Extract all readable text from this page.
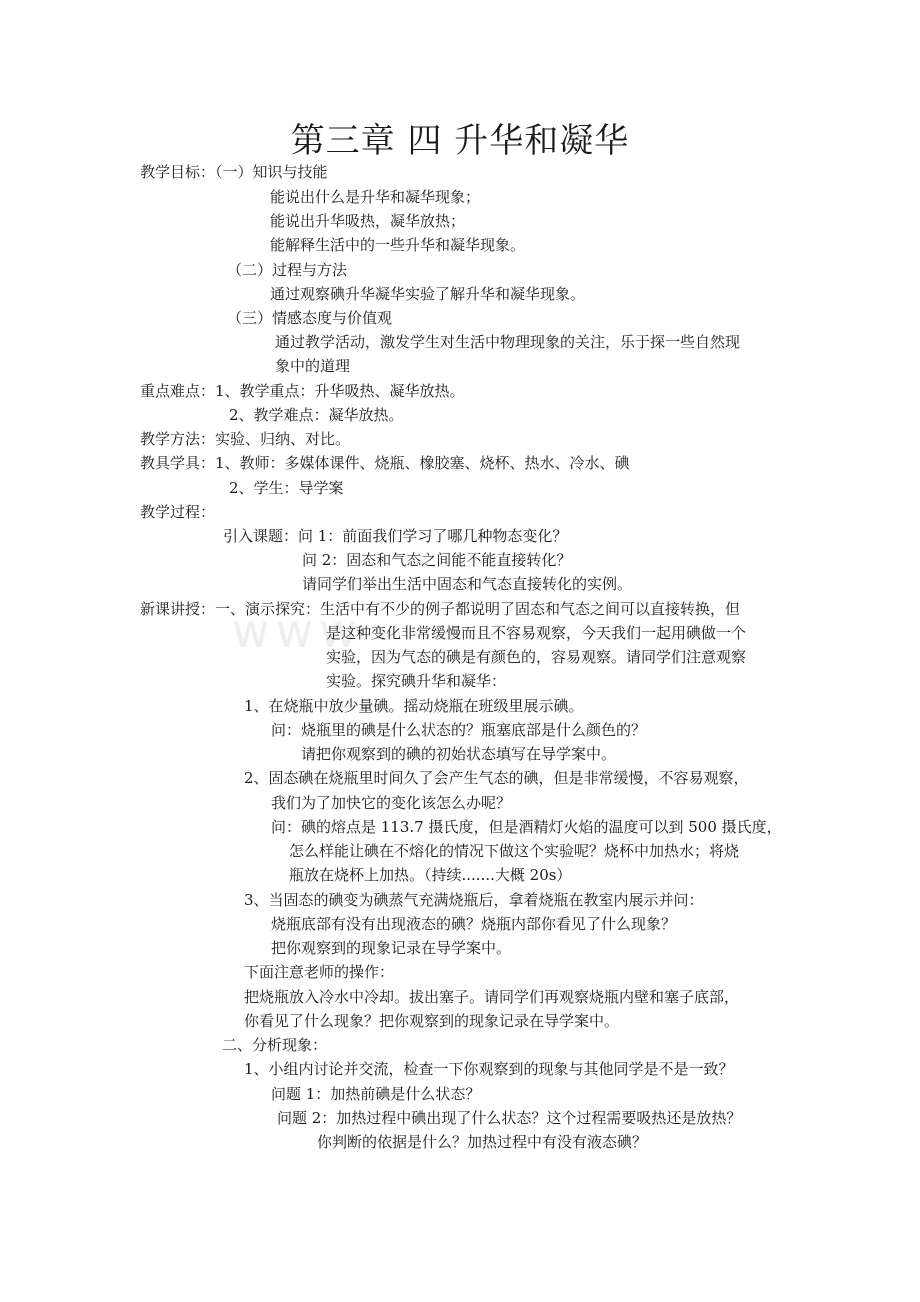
www
第三章 四 升华和凝华
教学目标：（一）知识与技能
能说出什么是升华和凝华现象；
能说出升华吸热，凝华放热；
能解释生活中的一些升华和凝华现象。
（二）过程与方法
通过观察碘升华凝华实验了解升华和凝华现象。
（三）情感态度与价值观
通过教学活动，激发学生对生活中物理现象的关注，乐于探一些自然现
象中的道理
重点难点：1、教学重点：升华吸热、凝华放热。
2、教学难点：凝华放热。
教学方法：实验、归纳、对比。
教具学具：1、教师：多媒体课件、烧瓶、橡胶塞、烧杯、热水、冷水、碘
2、学生：导学案
教学过程：
引入课题：问 1：前面我们学习了哪几种物态变化？
问 2：固态和气态之间能不能直接转化？
请同学们举出生活中固态和气态直接转化的实例。
新课讲授：一、演示探究：生活中有不少的例子都说明了固态和气态之间可以直接转换，但
是这种变化非常缓慢而且不容易观察，今天我们一起用碘做一个
实验，因为气态的碘是有颜色的，容易观察。请同学们注意观察
实验。探究碘升华和凝华：
1、在烧瓶中放少量碘。摇动烧瓶在班级里展示碘。
问：烧瓶里的碘是什么状态的？瓶塞底部是什么颜色的？
请把你观察到的碘的初始状态填写在导学案中。
2、固态碘在烧瓶里时间久了会产生气态的碘，但是非常缓慢，不容易观察，
我们为了加快它的变化该怎么办呢？
问：碘的熔点是 113.7 摄氏度，但是酒精灯火焰的温度可以到 500 摄氏度，
怎么样能让碘在不熔化的情况下做这个实验呢？烧杯中加热水；将烧
瓶放在烧杯上加热。（持续.......大概 20s）
3、当固态的碘变为碘蒸气充满烧瓶后，拿着烧瓶在教室内展示并问：
烧瓶底部有没有出现液态的碘？烧瓶内部你看见了什么现象？
把你观察到的现象记录在导学案中。
下面注意老师的操作：
把烧瓶放入冷水中冷却。拔出塞子。请同学们再观察烧瓶内壁和塞子底部，
你看见了什么现象？把你观察到的现象记录在导学案中。
二、分析现象：
1、小组内讨论并交流，检查一下你观察到的现象与其他同学是不是一致？
问题 1：加热前碘是什么状态？
问题 2：加热过程中碘出现了什么状态？这个过程需要吸热还是放热？
你判断的依据是什么？加热过程中有没有液态碘？
